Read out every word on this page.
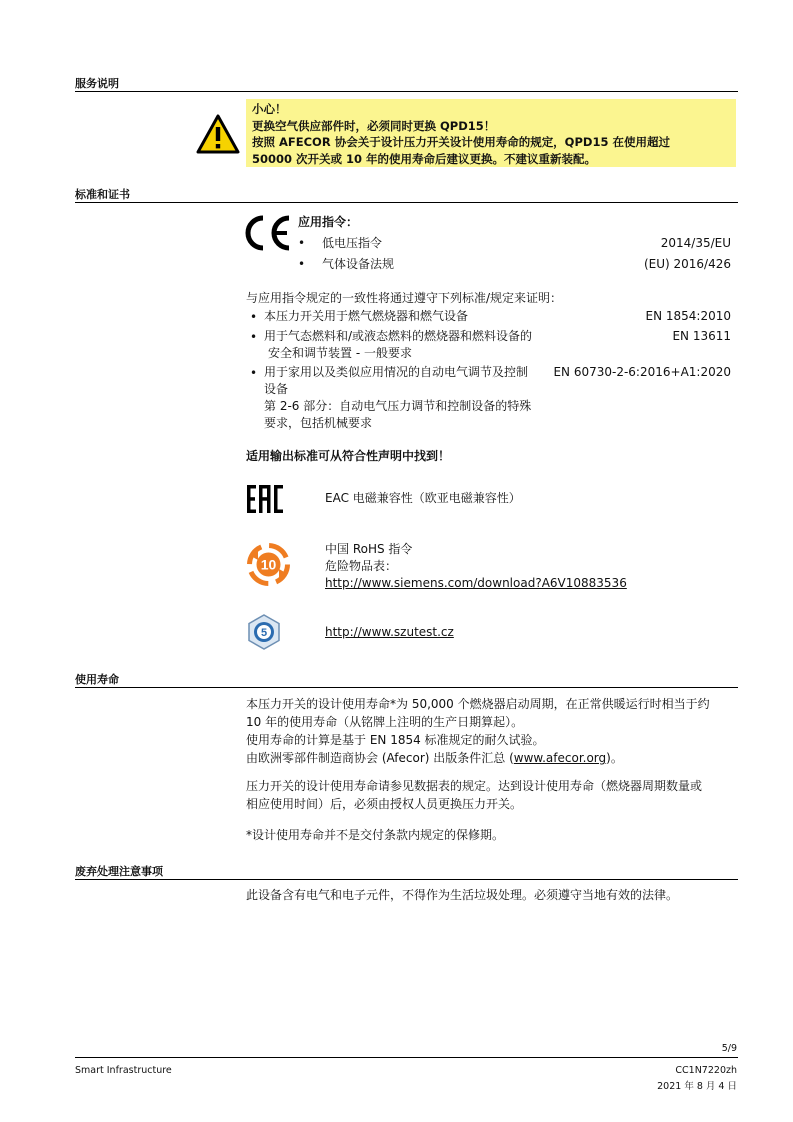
服务说明
小心！
更换空气供应部件时，必须同时更换 QPD15！
按照 AFECOR 协会关于设计压力开关设计使用寿命的规定，QPD15 在使用超过
50000 次开关或 10 年的使用寿命后建议更换。不建议重新装配。
标准和证书
应用指令：
• 低电压指令	2014/35/EU
• 气体设备法规	(EU) 2016/426
与应用指令规定的一致性将通过遵守下列标准/规定来证明：
• 本压力开关用于燃气燃烧器和燃气设备	EN 1854:2010
• 用于气态燃料和/或液态燃料的燃烧器和燃料设备的
安全和调节装置 - 一般要求
EN 13611
• 用于家用以及类似应用情况的自动电气调节及控制
设备
第 2-6 部分：自动电气压力调节和控制设备的特殊
要求，包括机械要求
EN 60730-2-6:2016+A1:2020
适用输出标准可从符合性声明中找到！
EAC 电磁兼容性（欧亚电磁兼容性）
10
中国 RoHS 指令
危险物品表：
http://www.siemens.com/download?A6V10883536
5	http://www.szutest.cz
使用寿命
本压力开关的设计使用寿命*为 50,000 个燃烧器启动周期，在正常供暖运行时相当于约
10 年的使用寿命（从铭牌上注明的生产日期算起）。
使用寿命的计算是基于 EN 1854 标准规定的耐久试验。
由欧洲零部件制造商协会 (Afecor) 出版条件汇总 (www.afecor.org)。
压力开关的设计使用寿命请参见数据表的规定。达到设计使用寿命（燃烧器周期数量或
相应使用时间）后，必须由授权人员更换压力开关。
*设计使用寿命并不是交付条款内规定的保修期。
废弃处理注意事项
此设备含有电气和电子元件，不得作为生活垃圾处理。必须遵守当地有效的法律。
5/9
Smart Infrastructure	CC1N7220zh
2021 年 8 月 4 日
